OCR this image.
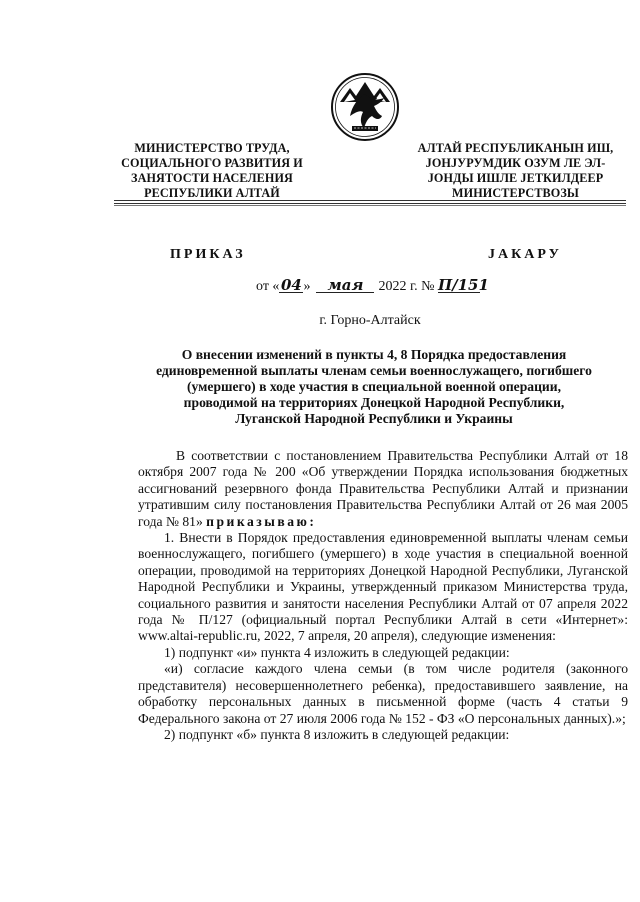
МИНИСТЕРСТВО ТРУДА,
СОЦИАЛЬНОГО РАЗВИТИЯ И
ЗАНЯТОСТИ НАСЕЛЕНИЯ
РЕСПУБЛИКИ АЛТАЙ
АЛТАЙ РЕСПУБЛИКАНЫН ИШ,
ЈОНЈУРУМДИК ОЗУМ ЛЕ ЭЛ-
ЈОНДЫ ИШЛЕ ЈЕТКИЛДЕЕР
МИНИСТЕРСТВОЗЫ
ПРИКАЗ	ЈАКАРУ
от « 04 » мая 2022 г. № П/151
г. Горно-Алтайск
О внесении изменений в пункты 4, 8 Порядка предоставления
единовременной выплаты членам семьи военнослужащего, погибшего
(умершего) в ходе участия в специальной военной операции,
проводимой на территориях Донецкой Народной Республики,
Луганской Народной Республики и Украины

В соответствии с постановлением Правительства Республики Алтай от 18 октября 2007 года № 200 «Об утверждении Порядка использования бюджетных ассигнований резервного фонда Правительства Республики Алтай и признании утратившим силу постановления Правительства Республики Алтай от 26 мая 2005 года № 81» приказываю:

1. Внести в Порядок предоставления единовременной выплаты членам семьи военнослужащего, погибшего (умершего) в ходе участия в специальной военной операции, проводимой на территориях Донецкой Народной Республики, Луганской Народной Республики и Украины, утвержденный приказом Министерства труда, социального развития и занятости населения Республики Алтай от 07 апреля 2022 года № П/127 (официальный портал Республики Алтай в сети «Интернет»: www.altai-republic.ru, 2022, 7 апреля, 20 апреля), следующие изменения:

1) подпункт «и» пункта 4 изложить в следующей редакции:

«и) согласие каждого члена семьи (в том числе родителя (законного представителя) несовершеннолетнего ребенка), предоставившего заявление, на обработку персональных данных в письменной форме (часть 4 статьи 9 Федерального закона от 27 июля 2006 года № 152 - ФЗ «О персональных данных).»;

2) подпункт «б» пункта 8 изложить в следующей редакции:
